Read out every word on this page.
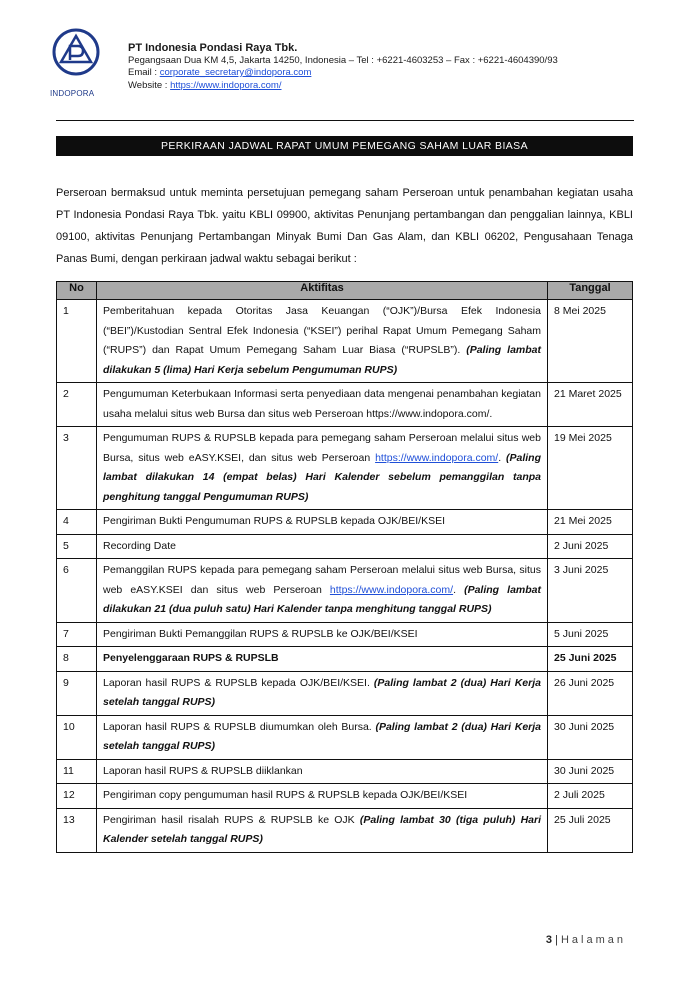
INDOPORA
PT Indonesia Pondasi Raya Tbk.
Pegangsaan Dua KM 4,5, Jakarta 14250, Indonesia – Tel : +6221-4603253 – Fax : +6221-4604390/93
Email : corporate_secretary@indopora.com
Website : https://www.indopora.com/
PERKIRAAN JADWAL RAPAT UMUM PEMEGANG SAHAM LUAR BIASA
Perseroan bermaksud untuk meminta persetujuan pemegang saham Perseroan untuk penambahan kegiatan usaha PT Indonesia Pondasi Raya Tbk. yaitu KBLI 09900, aktivitas Penunjang pertambangan dan penggalian lainnya, KBLI 09100, aktivitas Penunjang Pertambangan Minyak Bumi Dan Gas Alam, dan KBLI 06202, Pengusahaan Tenaga Panas Bumi, dengan perkiraan jadwal waktu sebagai berikut :
No	Aktifitas	Tanggal
1	Pemberitahuan kepada Otoritas Jasa Keuangan (“OJK”)/Bursa Efek Indonesia (“BEI”)/Kustodian Sentral Efek Indonesia (“KSEI”) perihal Rapat Umum Pemegang Saham (“RUPS”) dan Rapat Umum Pemegang Saham Luar Biasa (“RUPSLB”). (Paling lambat dilakukan 5 (lima) Hari Kerja sebelum Pengumuman RUPS)	8 Mei 2025
2	Pengumuman Keterbukaan Informasi serta penyediaan data mengenai penambahan kegiatan usaha melalui situs web Bursa dan situs web Perseroan https://www.indopora.com/.	21 Maret 2025
3	Pengumuman RUPS & RUPSLB kepada para pemegang saham Perseroan melalui situs web Bursa, situs web eASY.KSEI, dan situs web Perseroan https://www.indopora.com/. (Paling lambat dilakukan 14 (empat belas) Hari Kalender sebelum pemanggilan tanpa penghitung tanggal Pengumuman RUPS)	19 Mei 2025
4	Pengiriman Bukti Pengumuman RUPS & RUPSLB kepada OJK/BEI/KSEI	21 Mei 2025
5	Recording Date	2 Juni 2025
6	Pemanggilan RUPS kepada para pemegang saham Perseroan melalui situs web Bursa, situs web eASY.KSEI dan situs web Perseroan https://www.indopora.com/. (Paling lambat dilakukan 21 (dua puluh satu) Hari Kalender tanpa menghitung tanggal RUPS)	3 Juni 2025
7	Pengiriman Bukti Pemanggilan RUPS & RUPSLB ke OJK/BEI/KSEI	5 Juni 2025
8	Penyelenggaraan RUPS & RUPSLB	25 Juni 2025
9	Laporan hasil RUPS & RUPSLB kepada OJK/BEI/KSEI. (Paling lambat 2 (dua) Hari Kerja setelah tanggal RUPS)	26 Juni 2025
10	Laporan hasil RUPS & RUPSLB diumumkan oleh Bursa. (Paling lambat 2 (dua) Hari Kerja setelah tanggal RUPS)	30 Juni 2025
11	Laporan hasil RUPS & RUPSLB diiklankan	30 Juni 2025
12	Pengiriman copy pengumuman hasil RUPS & RUPSLB kepada OJK/BEI/KSEI	2 Juli 2025
13	Pengiriman hasil risalah RUPS & RUPSLB ke OJK (Paling lambat 30 (tiga puluh) Hari Kalender setelah tanggal RUPS)	25 Juli 2025
3 | Halaman
